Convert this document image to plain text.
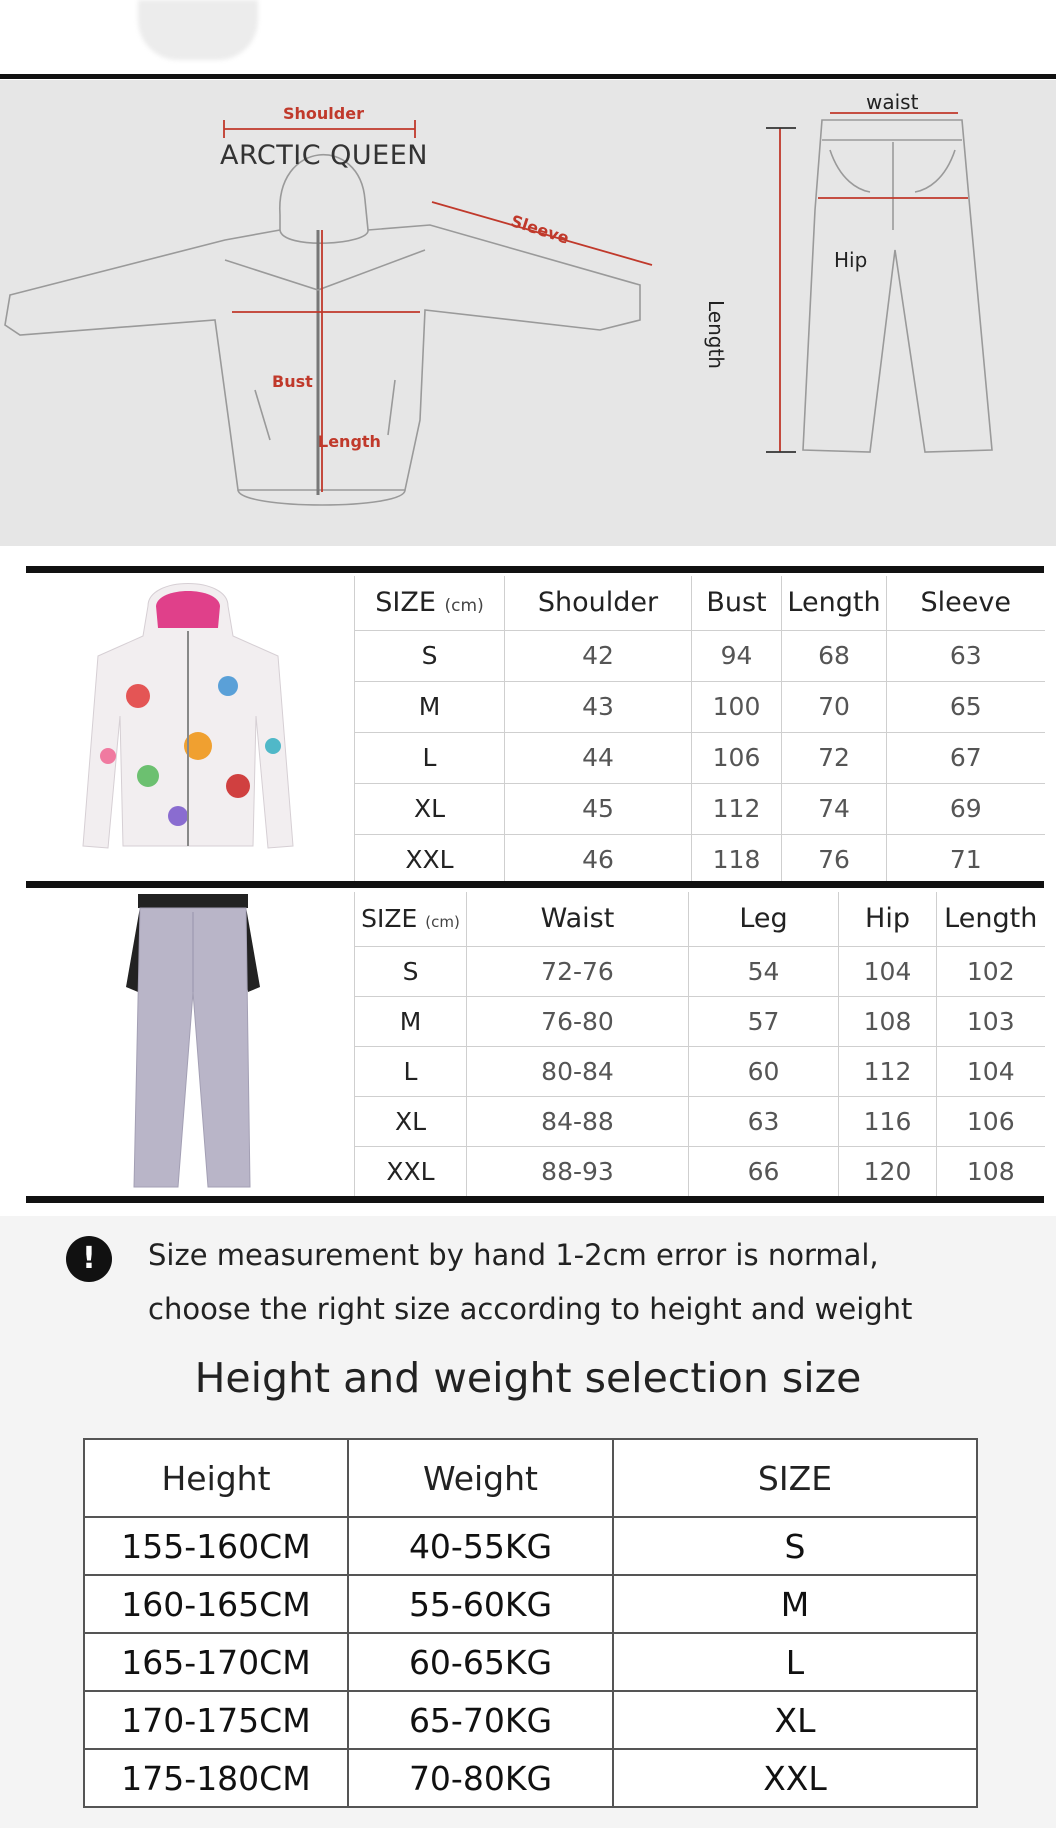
Shoulder
ARCTIC QUEEN
Sleeve
Bust
Length
waist
Hip
Length
SIZE (cm)	Shoulder	Bust	Length	Sleeve
S	42	94	68	63
M	43	100	70	65
L	44	106	72	67
XL	45	112	74	69
XXL	46	118	76	71
SIZE (cm)	Waist	Leg	Hip	Length
S	72-76	54	104	102
M	76-80	57	108	103
L	80-84	60	112	104
XL	84-88	63	116	106
XXL	88-93	66	120	108
!	Size measurement by hand 1-2cm error is normal,
choose the right size according to height and weight
Height and weight selection size
Height	Weight	SIZE
155-160CM	40-55KG	S
160-165CM	55-60KG	M
165-170CM	60-65KG	L
170-175CM	65-70KG	XL
175-180CM	70-80KG	XXL
